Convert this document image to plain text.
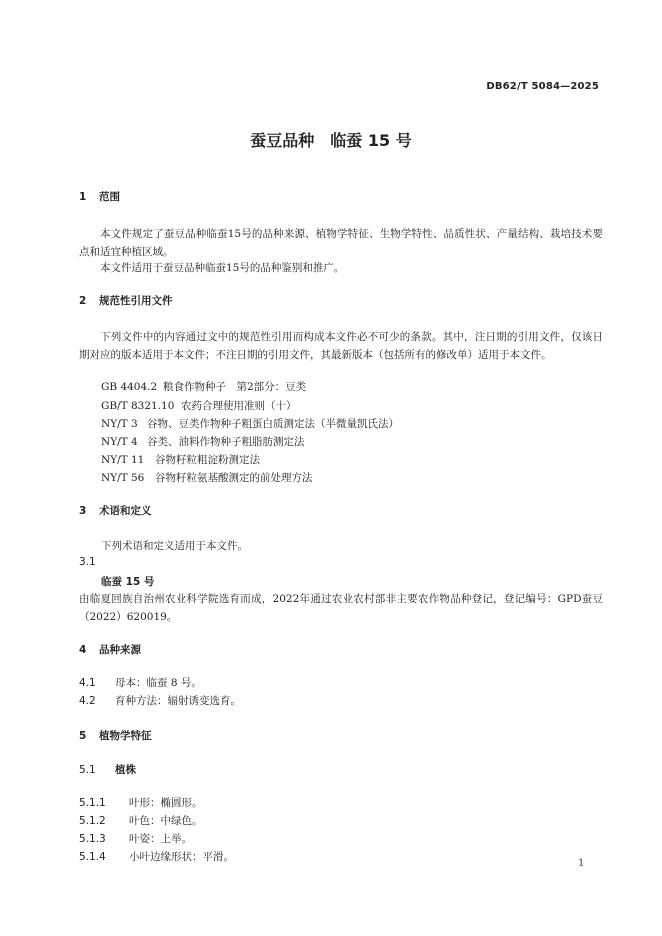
DB62/T 5084—2025
蚕豆品种　临蚕 15 号
1 范围
本文件规定了蚕豆品种临蚕15号的品种来源、植物学特征、生物学特性、品质性状、产量结构、栽培技术要点和适宜种植区域。
本文件适用于蚕豆品种临蚕15号的品种鉴别和推广。
2 规范性引用文件
下列文件中的内容通过文中的规范性引用而构成本文件必不可少的条款。其中，注日期的引用文件，仅该日期对应的版本适用于本文件；不注日期的引用文件，其最新版本（包括所有的修改单）适用于本文件。
GB 4404.2 粮食作物种子　第2部分：豆类
GB/T 8321.10 农药合理使用准则（十）
NY/T 3 谷物、豆类作物种子粗蛋白质测定法（半微量凯氏法）
NY/T 4 谷类、油料作物种子粗脂肪测定法
NY/T 11 谷物籽粒粗淀粉测定法
NY/T 56 谷物籽粒氨基酸测定的前处理方法
3 术语和定义
下列术语和定义适用于本文件。
3.1
临蚕 15 号
由临夏回族自治州农业科学院选育而成，2022年通过农业农村部非主要农作物品种登记，登记编号：GPD蚕豆（2022）620019。
4 品种来源
4.1 母本：临蚕 8 号。
4.2 育种方法：辐射诱变选育。
5 植物学特征
5.1 植株
5.1.1 叶形：椭圆形。
5.1.2 叶色：中绿色。
5.1.3 叶姿：上举。
5.1.4 小叶边缘形状：平滑。
1
